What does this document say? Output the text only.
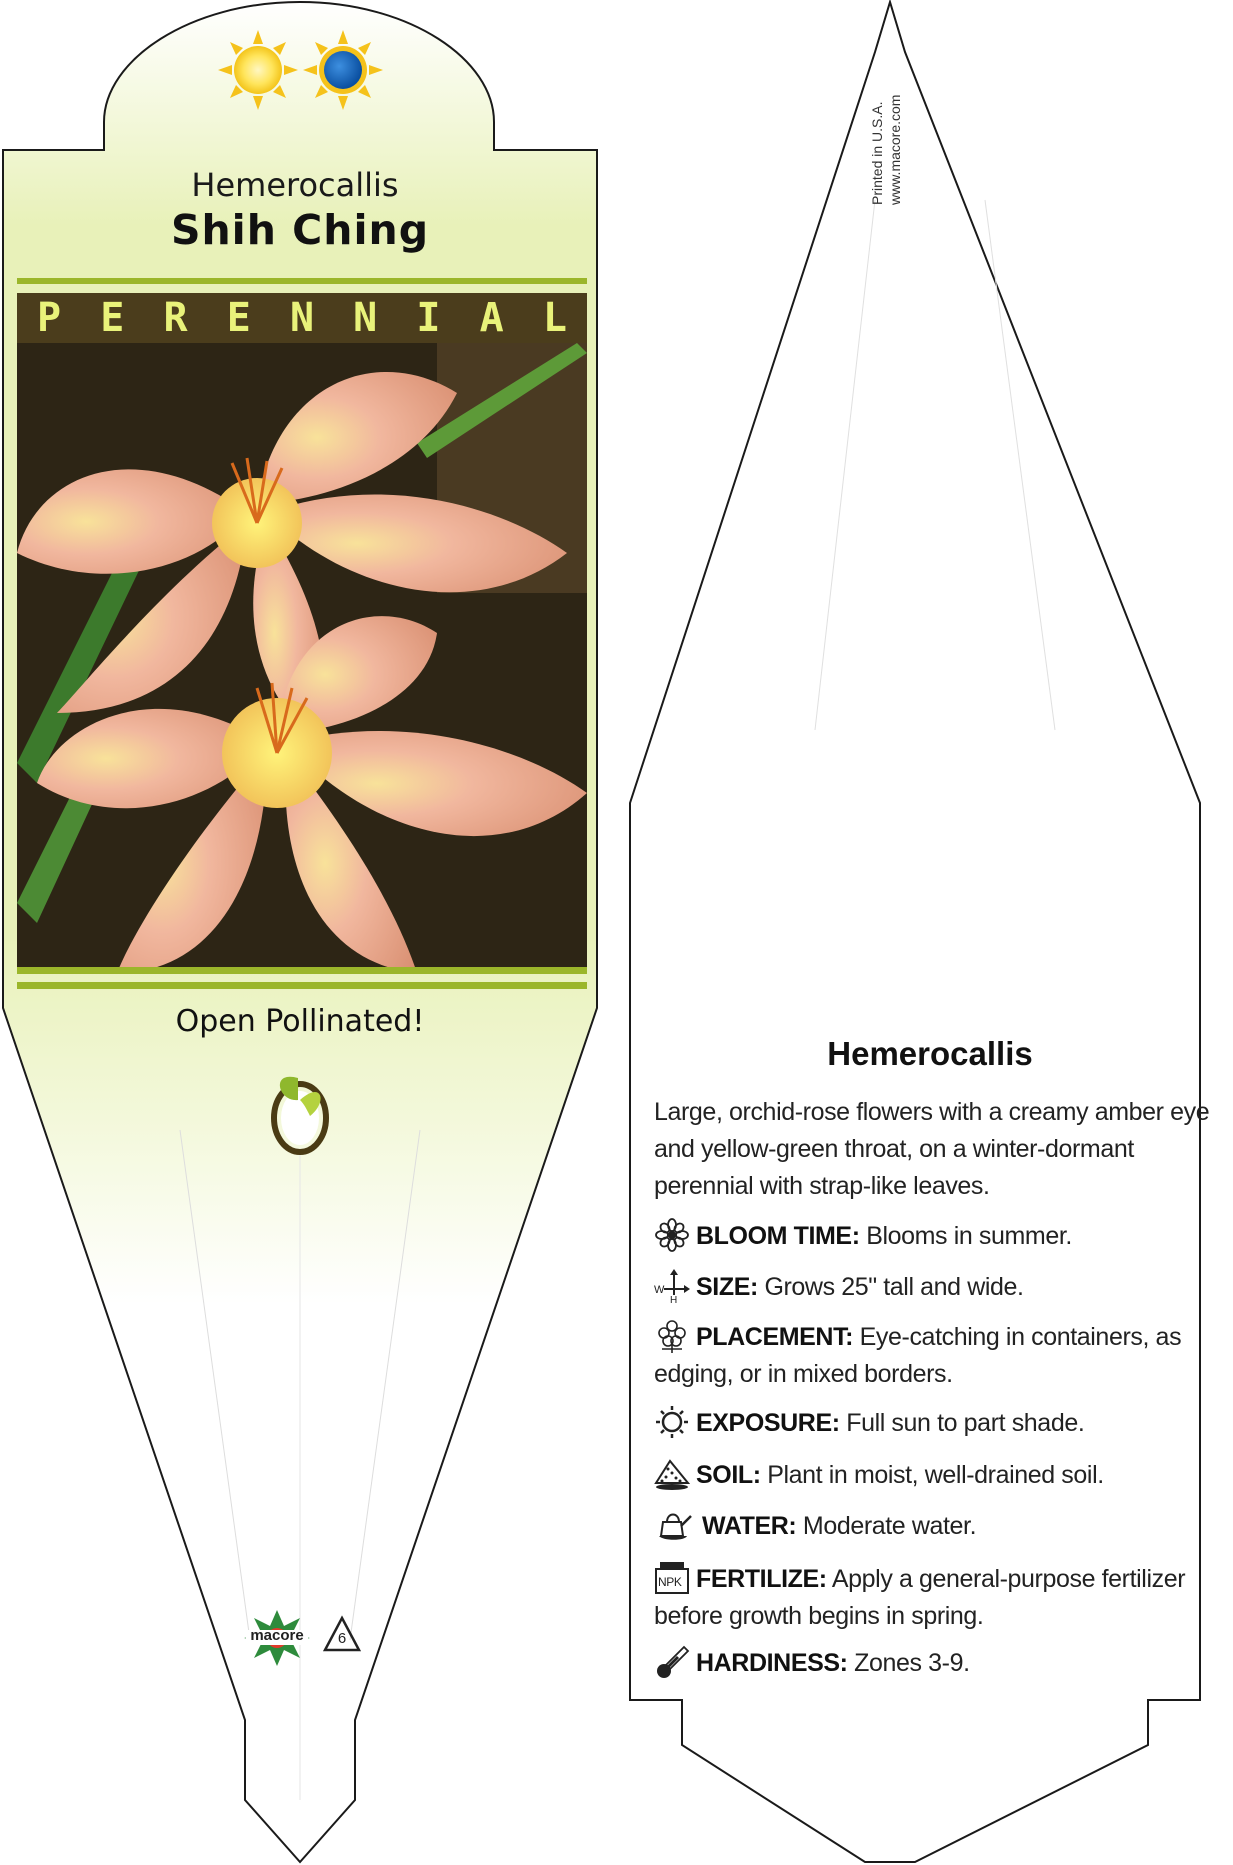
Hemerocallis
Shih Ching
P E R E N N I A L
Open Pollinated!
macore	6
Printed in U.S.A. www.macore.com
Hemerocallis
Large, orchid-rose flowers with a creamy amber eye and yellow-green throat, on a winter-dormant perennial with strap-like leaves.
BLOOM TIME: Blooms in summer.
W
H SIZE: Grows 25" tall and wide.
PLACEMENT: Eye-catching in containers, as edging, or in mixed borders.
EXPOSURE: Full sun to part shade.
SOIL: Plant in moist, well-drained soil.
WATER: Moderate water.
NPK FERTILIZE: Apply a general-purpose fertilizer before growth begins in spring.
HARDINESS: Zones 3-9.
